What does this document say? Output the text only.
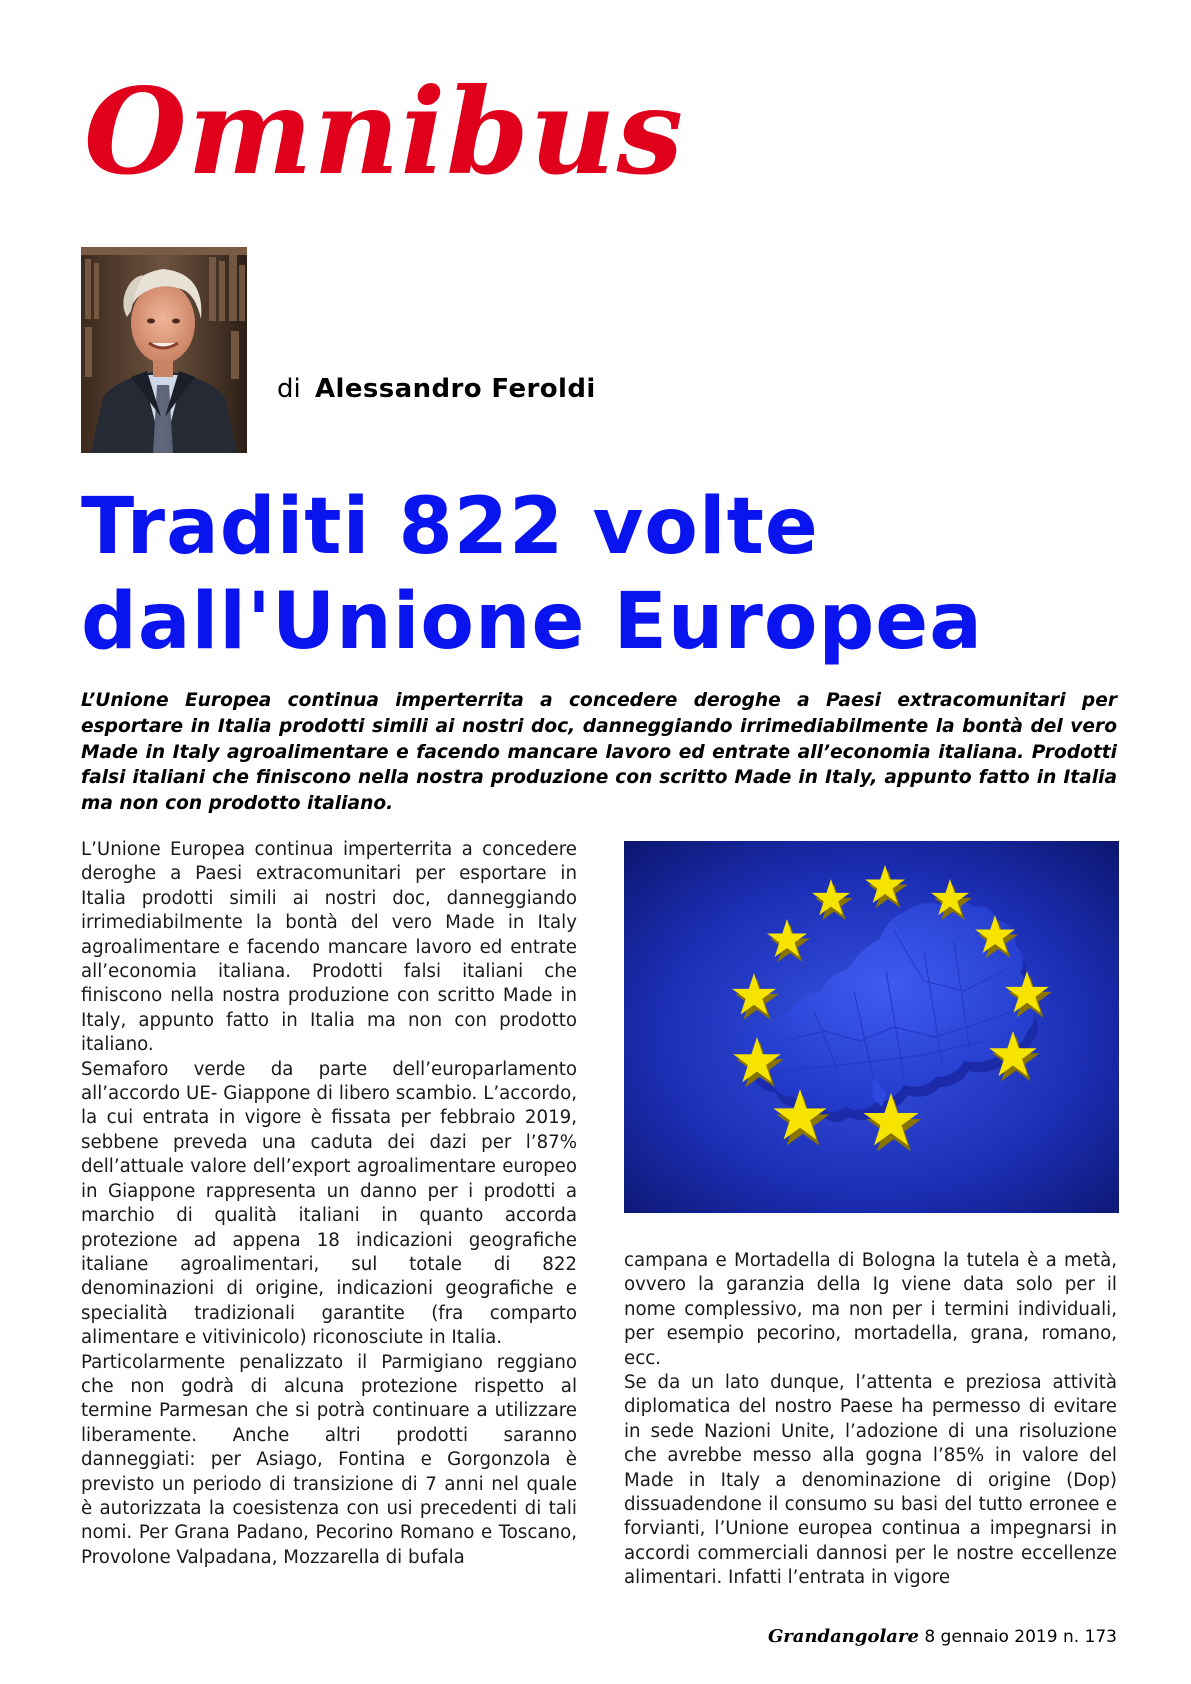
Omnibus
di Alessandro Feroldi
Traditi 822 volte
dall'Unione Europea

L’Unione Europea continua imperterrita a concedere deroghe a Paesi extracomunitari per esportare in Italia prodotti simili ai nostri doc, danneggiando irrimediabilmente la bontà del vero Made in Italy agroalimentare e facendo mancare lavoro ed entrate all’economia italiana. Prodotti falsi italiani che finiscono nella nostra produzione con scritto Made in Italy, appunto fatto in Italia ma non con prodotto italiano.

L’Unione Europea continua imperterrita a concedere deroghe a Paesi extracomunitari per esportare in Italia prodotti simili ai nostri doc, danneggiando irrimediabilmente la bontà del vero Made in Italy agroalimentare e facendo mancare lavoro ed entrate all’economia italiana. Prodotti falsi italiani che finiscono nella nostra produzione con scritto Made in Italy, appunto fatto in Italia ma non con prodotto italiano.

Semaforo verde da parte dell’europarlamento all’accordo UE- Giappone di libero scambio. L’accordo, la cui entrata in vigore è fissata per febbraio 2019, sebbene preveda una caduta dei dazi per l’87% dell’attuale valore dell’export agroalimentare europeo in Giappone rappresenta un danno per i prodotti a marchio di qualità italiani in quanto accorda protezione ad appena 18 indicazioni geografiche italiane agroalimentari, sul totale di 822 denominazioni di origine, indicazioni geografiche e specialità tradizionali garantite (fra comparto alimentare e vitivinicolo) riconosciute in Italia.

Particolarmente penalizzato il Parmigiano reggiano che non godrà di alcuna protezione rispetto al termine Parmesan che si potrà continuare a utilizzare liberamente. Anche altri prodotti saranno danneggiati: per Asiago, Fontina e Gorgonzola è previsto un periodo di transizione di 7 anni nel quale è autorizzata la coesistenza con usi precedenti di tali nomi. Per Grana Padano, Pecorino Romano e Toscano, Provolone Valpadana, Mozzarella di bufala

campana e Mortadella di Bologna la tutela è a metà, ovvero la garanzia della Ig viene data solo per il nome complessivo, ma non per i termini individuali, per esempio pecorino, mortadella, grana, romano, ecc.

Se da un lato dunque, l’attenta e preziosa attività diplomatica del nostro Paese ha permesso di evitare in sede Nazioni Unite, l’adozione di una risoluzione che avrebbe messo alla gogna l’85% in valore del Made in Italy a denominazione di origine (Dop) dissuadendone il consumo su basi del tutto erronee e forvianti, l’Unione europea continua a impegnarsi in accordi commerciali dannosi per le nostre eccellenze alimentari. Infatti l’entrata in vigore

Grandangolare 8 gennaio 2019 n. 173
